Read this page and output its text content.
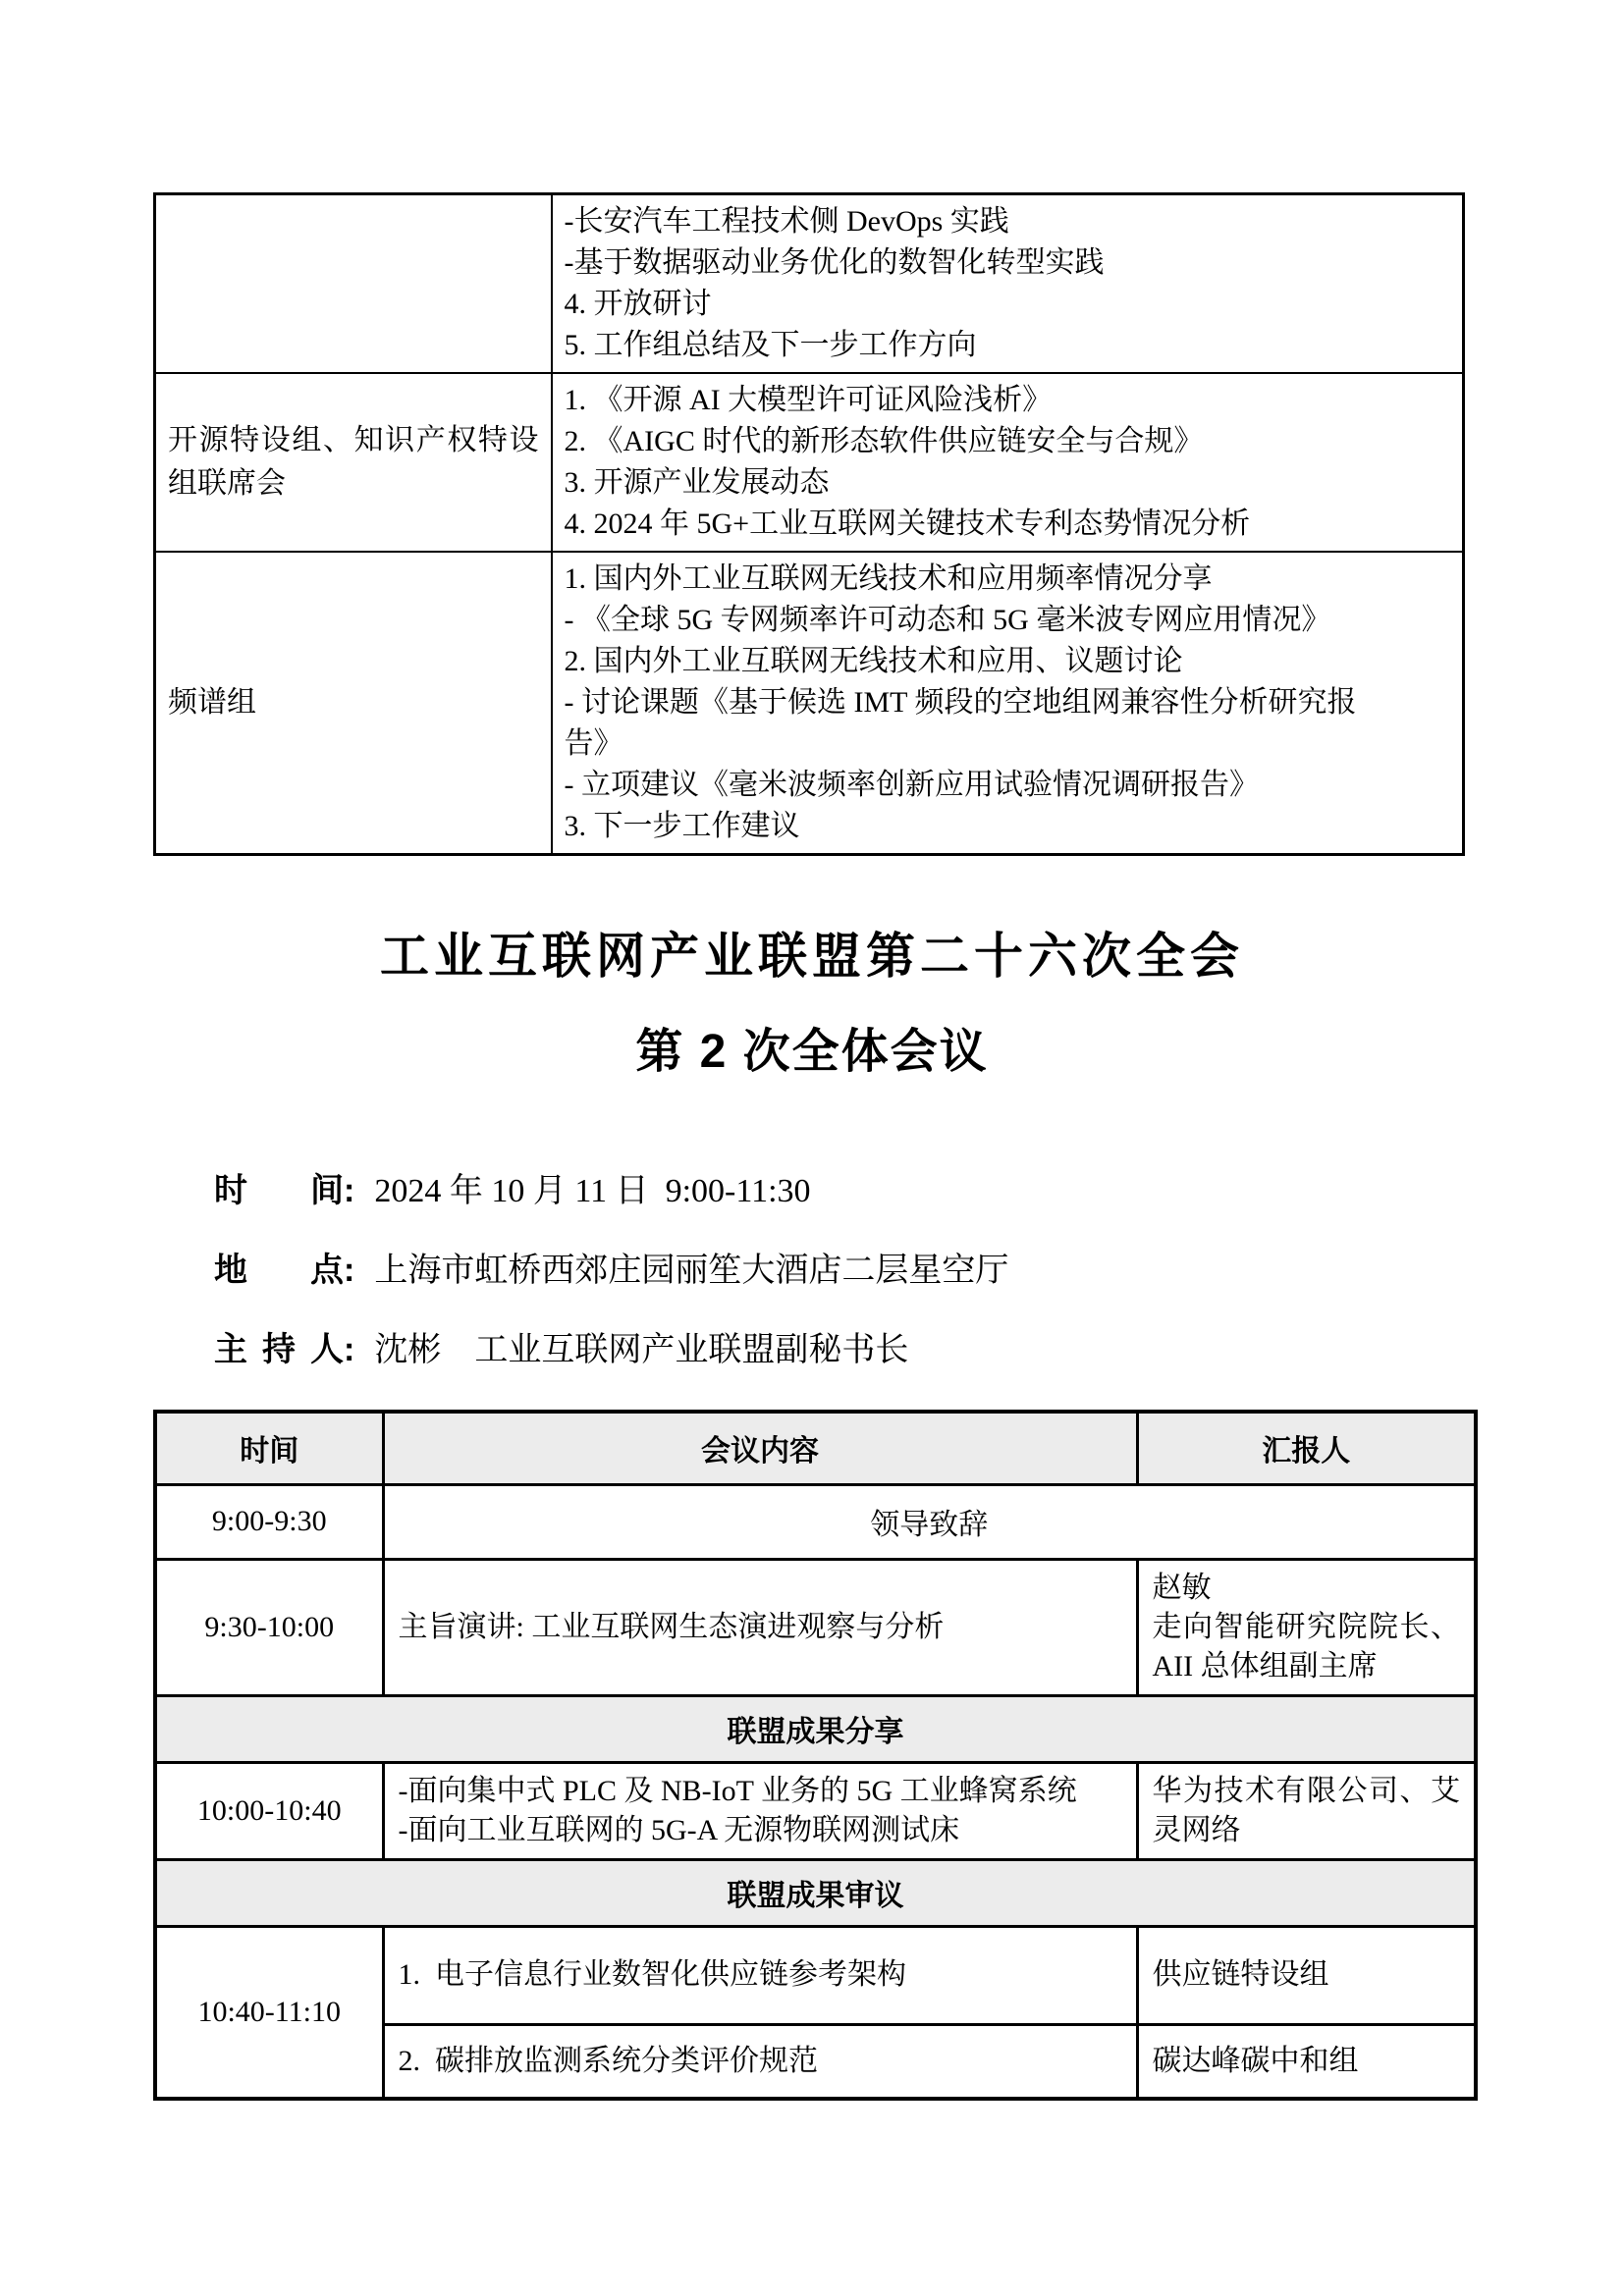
	-长安汽车工程技术侧 DevOps 实践
-基于数据驱动业务优化的数智化转型实践
4. 开放研讨
5. 工作组总结及下一步工作方向

开源特设组、知识产权特设组联席会	1. 《开源 AI 大模型许可证风险浅析》
2. 《AIGC 时代的新形态软件供应链安全与合规》
3. 开源产业发展动态
4. 2024 年 5G+工业互联网关键技术专利态势情况分析

频谱组	
1. 国内外工业互联网无线技术和应用频率情况分享
- 《全球 5G 专网频率许可动态和 5G 毫米波专网应用情况》
2. 国内外工业互联网无线技术和应用、议题讨论
- 讨论课题《基于候选 IMT 频段的空地组网兼容性分析研究报
告》
- 立项建议《毫米波频率创新应用试验情况调研报告》
3. 下一步工作建议
工业互联网产业联盟第二十六次全会
第 2 次全体会议
时间: 2024 年 10 月 11 日  9:00-11:30
地点: 上海市虹桥西郊庄园丽笙大酒店二层星空厅
主持人: 沈彬　工业互联网产业联盟副秘书长
时间	会议内容	汇报人
9:00-9:30	领导致辞	
9:30-10:00	主旨演讲: 工业互联网生态演进观察与分析	赵敏
走向智能研究院院长、AII 总体组副主席

联盟成果分享		
10:00-10:40	-面向集中式 PLC 及 NB-IoT 业务的 5G 工业蜂窝系统
-面向工业互联网的 5G-A 无源物联网测试床	华为技术有限公司、艾灵网络
联盟成果审议		
10:40-11:10	1.  电子信息行业数智化供应链参考架构	供应链特设组
	2.  碳排放监测系统分类评价规范	碳达峰碳中和组
